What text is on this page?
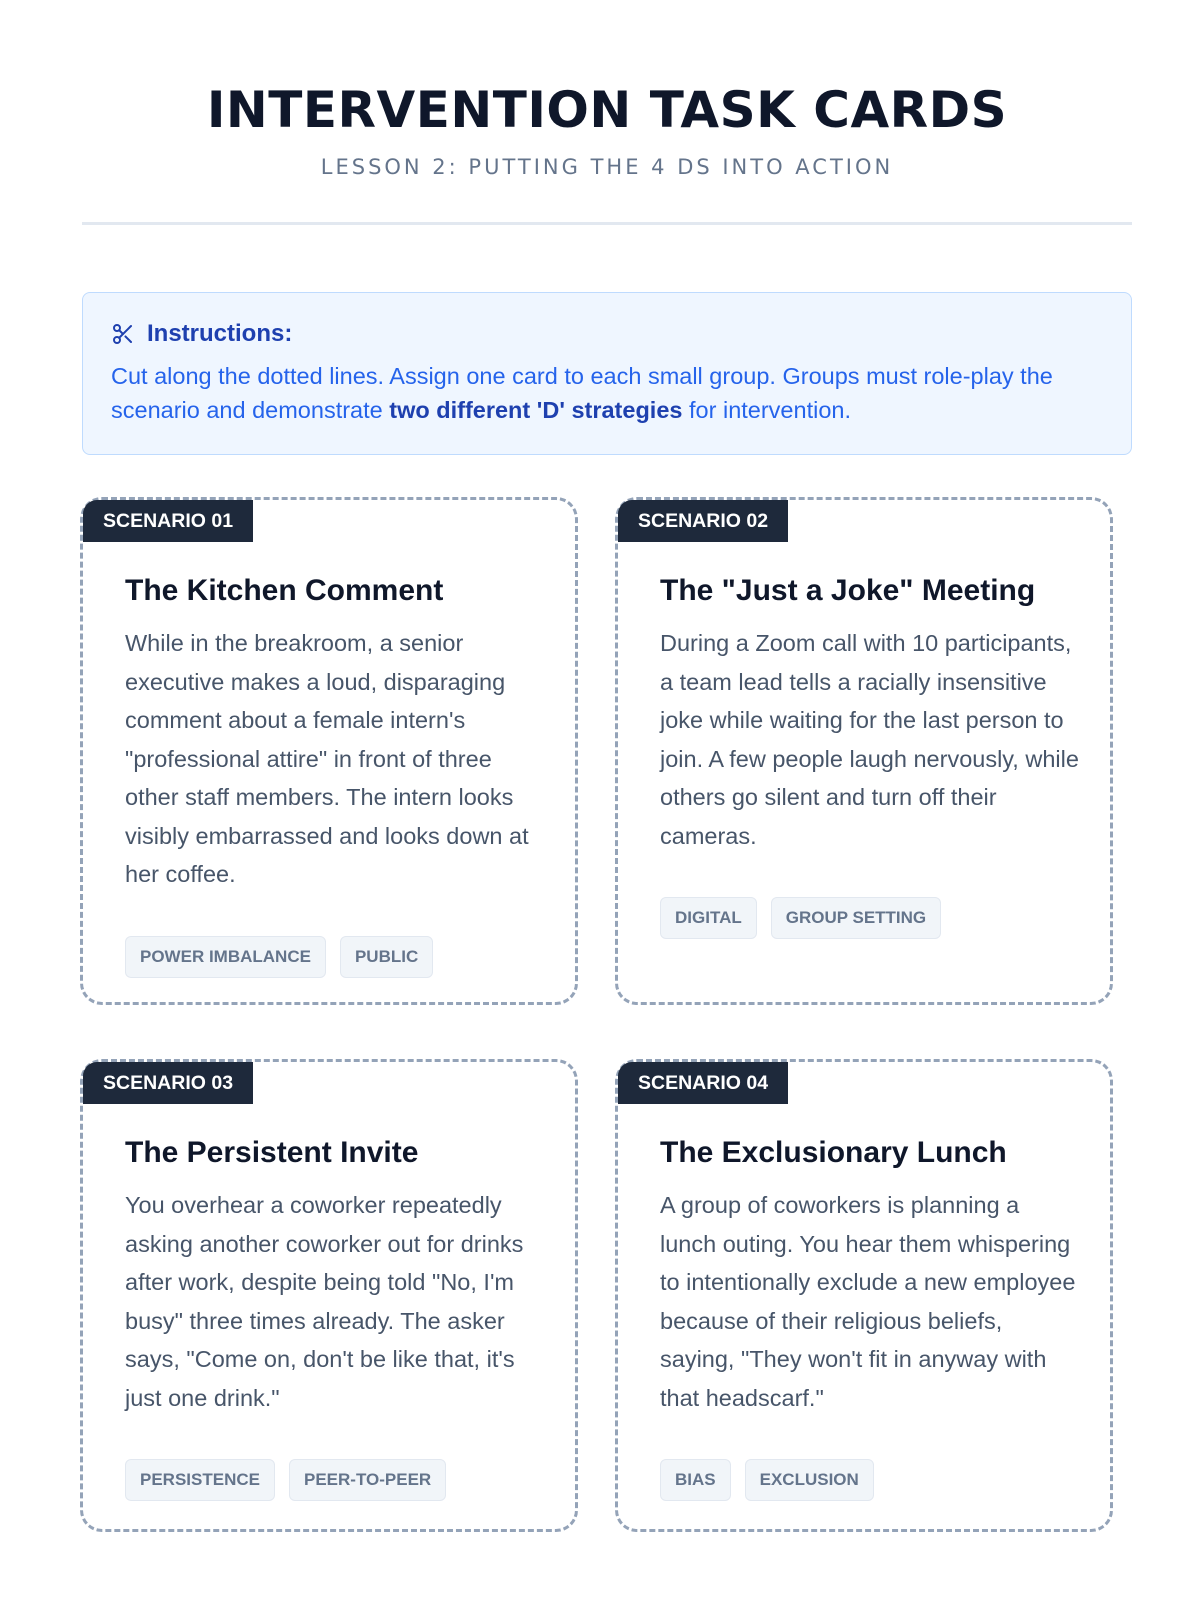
INTERVENTION TASK CARDS
LESSON 2: PUTTING THE 4 DS INTO ACTION
Instructions:
Cut along the dotted lines. Assign one card to each small group. Groups must role-play the scenario and demonstrate two different 'D' strategies for intervention.
SCENARIO 01
The Kitchen Comment
While in the breakroom, a senior executive makes a loud, disparaging comment about a female intern's "professional attire" in front of three other staff members. The intern looks visibly embarrassed and looks down at her coffee.
POWER IMBALANCE	PUBLIC
SCENARIO 02
The "Just a Joke" Meeting
During a Zoom call with 10 participants, a team lead tells a racially insensitive joke while waiting for the last person to join. A few people laugh nervously, while others go silent and turn off their cameras.
DIGITAL	GROUP SETTING
SCENARIO 03
The Persistent Invite
You overhear a coworker repeatedly asking another coworker out for drinks after work, despite being told "No, I'm busy" three times already. The asker says, "Come on, don't be like that, it's just one drink."
PERSISTENCE	PEER-TO-PEER
SCENARIO 04
The Exclusionary Lunch
A group of coworkers is planning a lunch outing. You hear them whispering to intentionally exclude a new employee because of their religious beliefs, saying, "They won't fit in anyway with that headscarf."
BIAS	EXCLUSION
